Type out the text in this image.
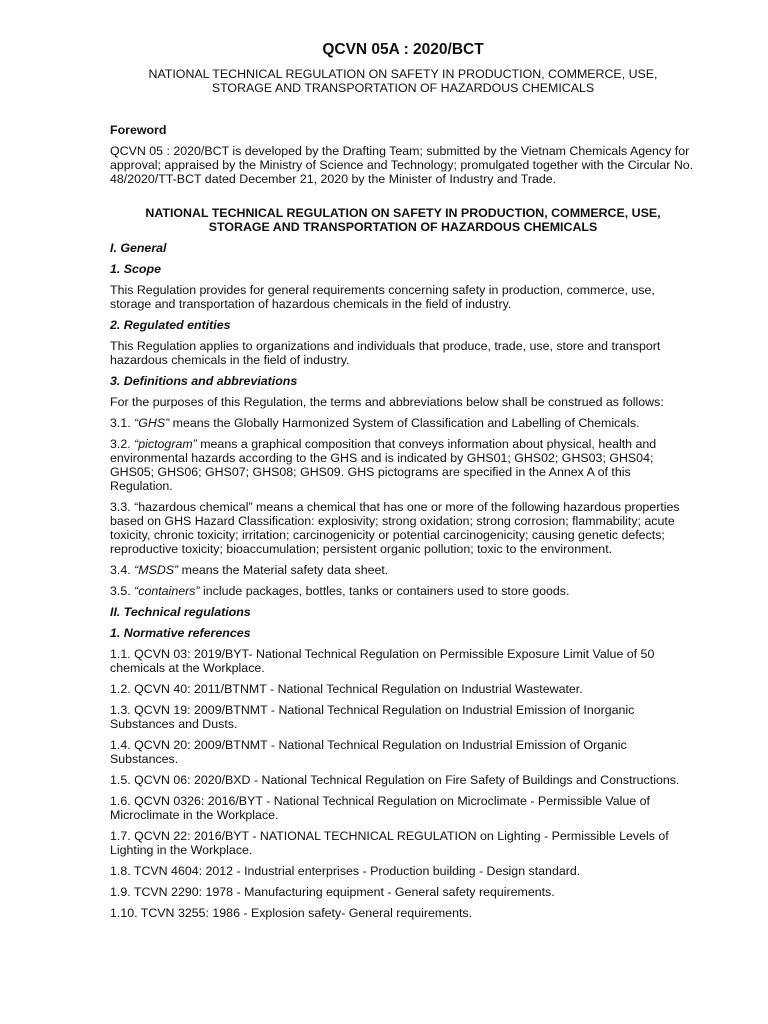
QCVN 05A : 2020/BCT
NATIONAL TECHNICAL REGULATION ON SAFETY IN PRODUCTION, COMMERCE, USE,
STORAGE AND TRANSPORTATION OF HAZARDOUS CHEMICALS
Foreword

QCVN 05 : 2020/BCT is developed by the Drafting Team; submitted by the Vietnam Chemicals Agency for approval; appraised by the Ministry of Science and Technology; promulgated together with the Circular No. 48/2020/TT-BCT dated December 21, 2020 by the Minister of Industry and Trade.

NATIONAL TECHNICAL REGULATION ON SAFETY IN PRODUCTION, COMMERCE, USE,
STORAGE AND TRANSPORTATION OF HAZARDOUS CHEMICALS
I. General
1. Scope

This Regulation provides for general requirements concerning safety in production, commerce, use, storage and transportation of hazardous chemicals in the field of industry.

2. Regulated entities

This Regulation applies to organizations and individuals that produce, trade, use, store and transport hazardous chemicals in the field of industry.

3. Definitions and abbreviations

For the purposes of this Regulation, the terms and abbreviations below shall be construed as follows:

3.1. “GHS” means the Globally Harmonized System of Classification and Labelling of Chemicals.

3.2. “pictogram” means a graphical composition that conveys information about physical, health and environmental hazards according to the GHS and is indicated by GHS01; GHS02; GHS03; GHS04; GHS05; GHS06; GHS07; GHS08; GHS09. GHS pictograms are specified in the Annex A of this Regulation.

3.3. “hazardous chemical” means a chemical that has one or more of the following hazardous properties based on GHS Hazard Classification: explosivity; strong oxidation; strong corrosion; flammability; acute toxicity, chronic toxicity; irritation; carcinogenicity or potential carcinogenicity; causing genetic defects; reproductive toxicity; bioaccumulation; persistent organic pollution; toxic to the environment.

3.4. “MSDS” means the Material safety data sheet.

3.5. “containers” include packages, bottles, tanks or containers used to store goods.

II. Technical regulations
1. Normative references

1.1. QCVN 03: 2019/BYT- National Technical Regulation on Permissible Exposure Limit Value of 50 chemicals at the Workplace.

1.2. QCVN 40: 2011/BTNMT - National Technical Regulation on Industrial Wastewater.

1.3. QCVN 19: 2009/BTNMT - National Technical Regulation on Industrial Emission of Inorganic Substances and Dusts.

1.4. QCVN 20: 2009/BTNMT - National Technical Regulation on Industrial Emission of Organic Substances.

1.5. QCVN 06: 2020/BXD - National Technical Regulation on Fire Safety of Buildings and Constructions.

1.6. QCVN 0326: 2016/BYT - National Technical Regulation on Microclimate - Permissible Value of Microclimate in the Workplace.

1.7. QCVN 22: 2016/BYT - NATIONAL TECHNICAL REGULATION on Lighting - Permissible Levels of Lighting in the Workplace.

1.8. TCVN 4604: 2012 - Industrial enterprises - Production building - Design standard.

1.9. TCVN 2290: 1978 - Manufacturing equipment - General safety requirements.

1.10. TCVN 3255: 1986 - Explosion safety- General requirements.
